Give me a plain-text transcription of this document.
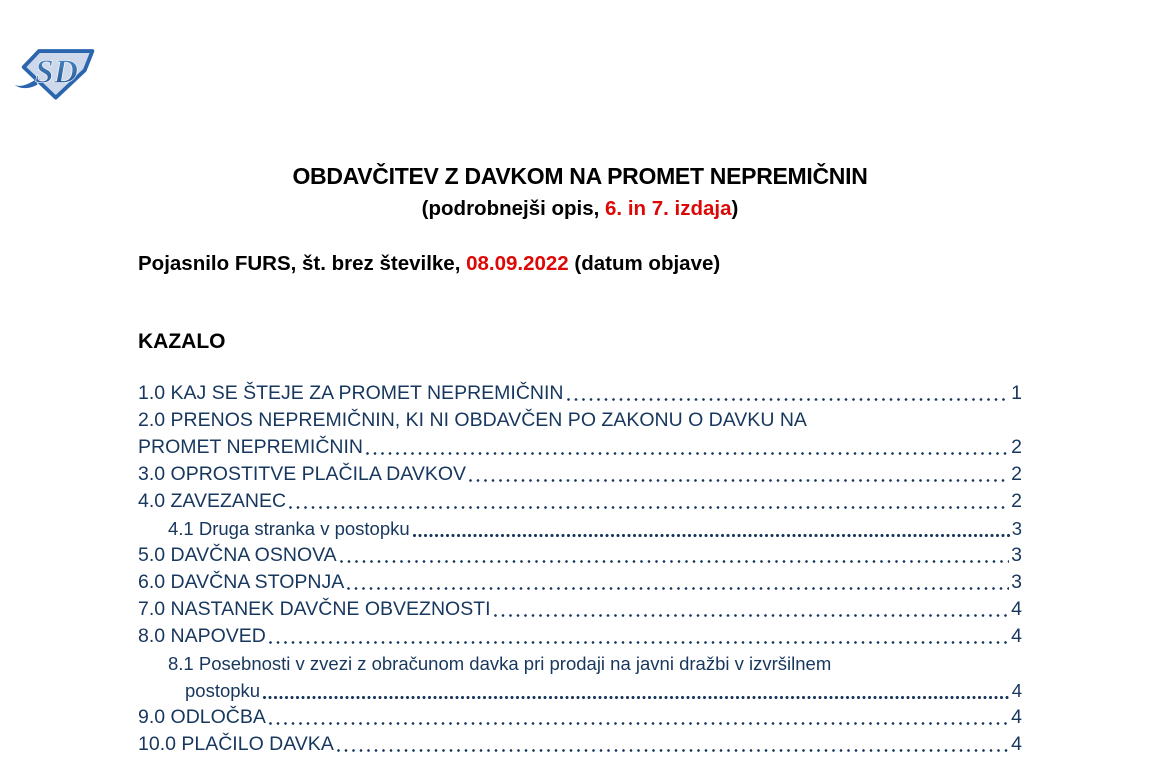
SD
OBDAVČITEV Z DAVKOM NA PROMET NEPREMIČNIN
(podrobnejši opis, 6. in 7. izdaja)
Pojasnilo FURS, št. brez številke, 08.09.2022 (datum objave)
KAZALO
1.0 KAJ SE ŠTEJE ZA PROMET NEPREMIČNIN	1
2.0 PRENOS NEPREMIČNIN, KI NI OBDAVČEN PO ZAKONU O DAVKU NA
PROMET NEPREMIČNIN	2
3.0 OPROSTITVE PLAČILA DAVKOV	2
4.0 ZAVEZANEC	2
4.1 Druga stranka v postopku	3
5.0 DAVČNA OSNOVA	3
6.0 DAVČNA STOPNJA	3
7.0 NASTANEK DAVČNE OBVEZNOSTI	4
8.0 NAPOVED	4
8.1 Posebnosti v zvezi z obračunom davka pri prodaji na javni dražbi v izvršilnem
postopku	4
9.0 ODLOČBA	4
10.0 PLAČILO DAVKA	4
